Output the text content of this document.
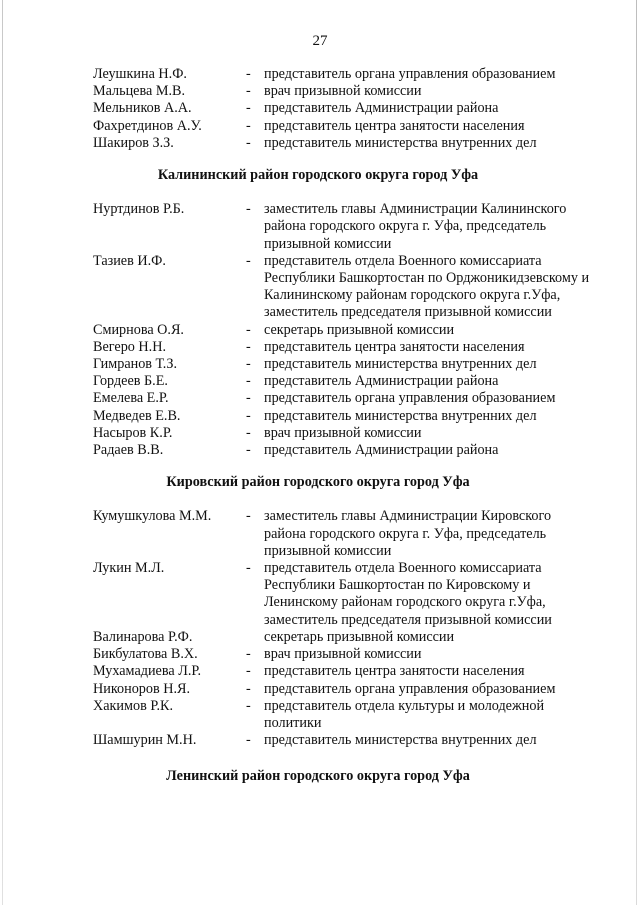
27
Леушкина Н.Ф.	- представитель органа управления образованием
Мальцева М.В.	- врач призывной комиссии
Мельников А.А.	- представитель Администрации района
Фахретдинов А.У.	- представитель центра занятости населения
Шакиров З.З.	- представитель министерства внутренних дел
Калининский район городского округа город Уфа
Нуртдинов Р.Б.	- заместитель главы Администрации Калининского района городского округа г. Уфа, председатель призывной комиссии
Тазиев И.Ф.	- представитель отдела Военного комиссариата Республики Башкортостан по Орджоникидзевскому и Калининскому районам городского округа г.Уфа, заместитель председателя призывной комиссии
Смирнова О.Я.	- секретарь призывной комиссии
Вегеро Н.Н.	- представитель центра занятости населения
Гимранов Т.З.	- представитель министерства внутренних дел
Гордеев Б.Е.	- представитель Администрации района
Емелева Е.Р.	- представитель органа управления образованием
Медведев Е.В.	- представитель министерства внутренних дел
Насыров К.Р.	- врач призывной комиссии
Радаев В.В.	- представитель Администрации района
Кировский район городского округа город Уфа
Кумушкулова М.М.	- заместитель главы Администрации Кировского района городского округа г. Уфа, председатель призывной комиссии
Лукин М.Л.	- представитель отдела Военного комиссариата Республики Башкортостан по Кировскому и Ленинскому районам городского округа г.Уфа, заместитель председателя призывной комиссии
Валинарова Р.Ф.	секретарь призывной комиссии
Бикбулатова В.Х.	- врач призывной комиссии
Мухамадиева Л.Р.	- представитель центра занятости населения
Никоноров Н.Я.	- представитель органа управления образованием
Хакимов Р.К.	- представитель отдела культуры и молодежной политики
Шамшурин М.Н.	- представитель министерства внутренних дел
Ленинский район городского округа город Уфа
